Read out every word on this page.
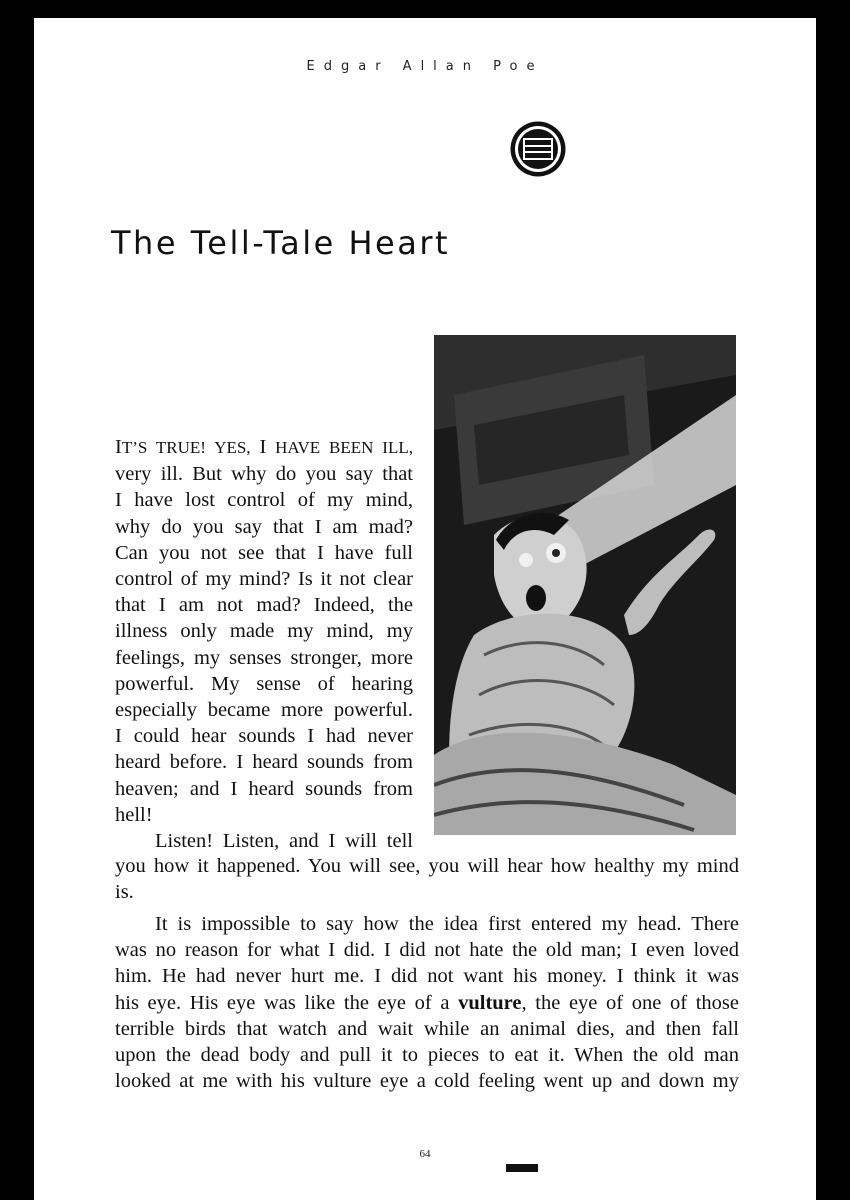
Edgar Allan Poe
The Tell-Tale Heart
IT’S TRUE! YES, I HAVE BEEN ILL,
very ill. But why do you say that
I have lost control of my mind,
why do you say that I am mad?
Can you not see that I have full
control of my mind? Is it not clear
that I am not mad? Indeed, the
illness only made my mind, my
feelings, my senses stronger, more
powerful. My sense of hearing
especially became more powerful.
I could hear sounds I had never
heard before. I heard sounds from
heaven; and I heard sounds from
hell!
Listen! Listen, and I will tell
you how it happened. You will see, you will hear how healthy my mind
is.
It is impossible to say how the idea first entered my head. There
was no reason for what I did. I did not hate the old man; I even loved
him. He had never hurt me. I did not want his money. I think it was
his eye. His eye was like the eye of a vulture, the eye of one of those
terrible birds that watch and wait while an animal dies, and then fall
upon the dead body and pull it to pieces to eat it. When the old man
looked at me with his vulture eye a cold feeling went up and down my
64
